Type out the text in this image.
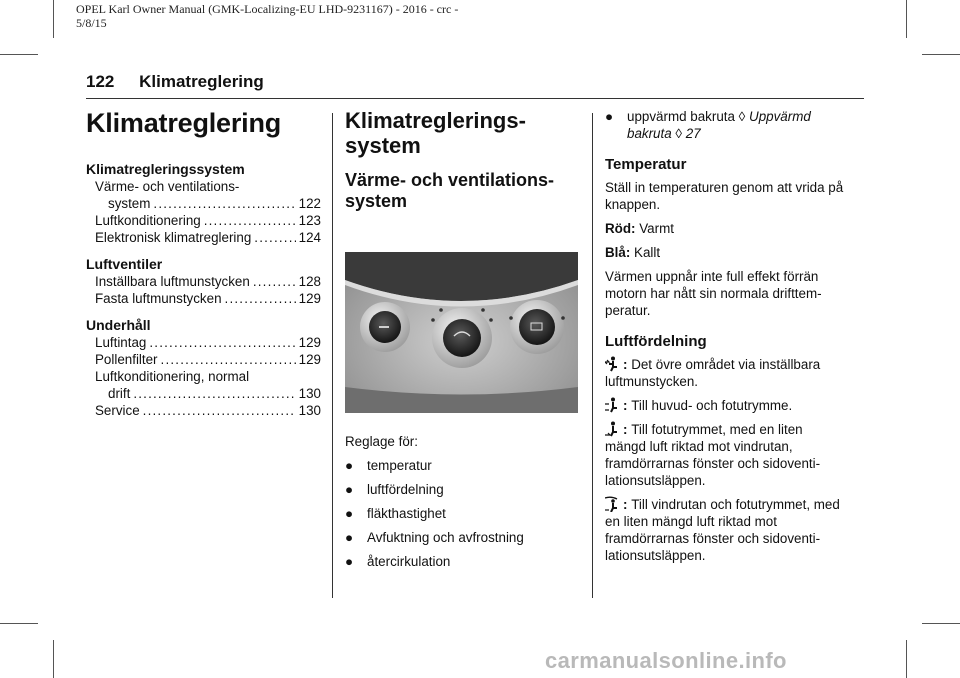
OPEL Karl Owner Manual (GMK-Localizing-EU LHD-9231167) - 2016 - crc -
5/8/15
122 Klimatreglering
Klimatreglering
Klimatregleringssystem
Värme- och ventilations-
system .....	122
Luftkonditionering .....	123
Elektronisk klimatreglering .....	124
Luftventiler
Inställbara luftmunstycken .....	128
Fasta luftmunstycken .....	129
Underhåll
Luftintag .....	129
Pollenfilter .....	129
Luftkonditionering, normal
drift .....	130
Service .....	130
Klimatreglerings-
system
Värme- och ventilations-
system

Reglage för:

●	temperatur
●	luftfördelning
●	fläkthastighet
●	Avfuktning och avfrostning
●	återcirkulation
●	uppvärmd bakruta ◊ Uppvärmd bakruta ◊ 27
Temperatur

Ställ in temperaturen genom att vrida på knappen.

Röd: Varmt

Blå: Kallt

Värmen uppnår inte full effekt förrän motorn har nått sin normala drifttemperatur.

Luftfördelning

: Det övre området via inställbara luftmunstycken.

: Till huvud- och fotutrymme.

: Till fotutrymmet, med en liten mängd luft riktad mot vindrutan, framdörrarnas fönster och sidoventilationsutsläppen.

: Till vindrutan och fotutrymmet, med en liten mängd luft riktad mot framdörrarnas fönster och sidoventilationsutsläppen.

carmanualsonline.info
